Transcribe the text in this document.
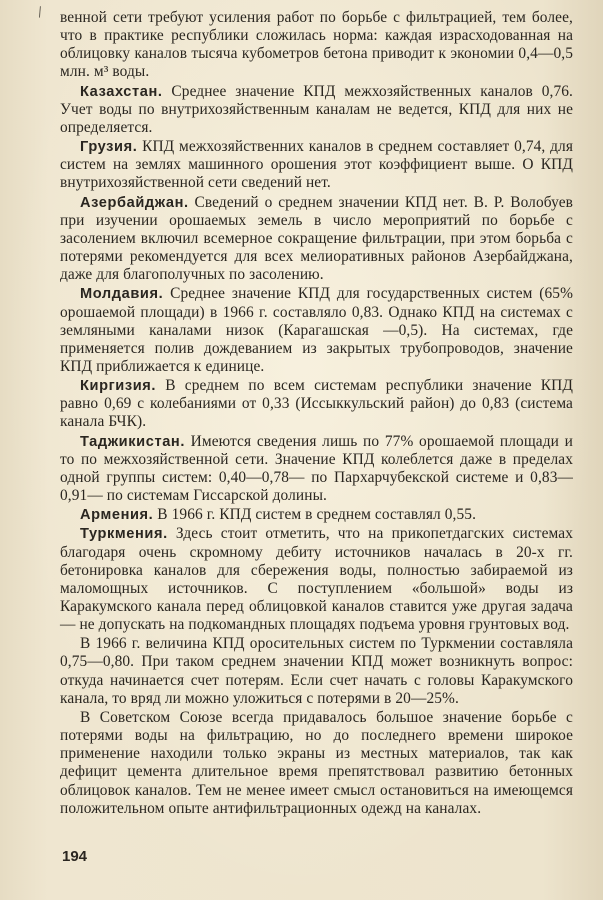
/ венной сети требуют усиления работ по борьбе с фильтрацией, тем более, что в практике республики сложилась норма: каждая израсходованная на облицовку каналов тысяча кубометров бетона приводит к экономии 0,4—0,5 млн. м³ воды.

Казахстан. Среднее значение КПД межхозяйственных каналов 0,76. Учет воды по внутрихозяйственным каналам не ведется, КПД для них не определяется.

Грузия. КПД межхозяйственних каналов в среднем составляет 0,74, для систем на землях машинного орошения этот коэффициент выше. О КПД внутрихозяйственной сети сведений нет.

Азербайджан. Сведений о среднем значении КПД нет. В. Р. Волобуев при изучении орошаемых земель в число мероприятий по борьбе с засолением включил всемерное сокращение фильтрации, при этом борьба с потерями рекомендуется для всех мелиоративных районов Азербайджана, даже для благополучных по засолению.

Молдавия. Среднее значение КПД для государственных систем (65% орошаемой площади) в 1966 г. составляло 0,83. Однако КПД на системах с земляными каналами низок (Карагашская —0,5). На системах, где применяется полив дождеванием из закрытых трубопроводов, значение КПД приближается к единице.

Киргизия. В среднем по всем системам республики значение КПД равно 0,69 с колебаниями от 0,33 (Иссыккульский район) до 0,83 (система канала БЧК).

Таджикистан. Имеются сведения лишь по 77% орошаемой площади и то по межхозяйственной сети. Значение КПД колеблется даже в пределах одной группы систем: 0,40—0,78— по Пархарчубекской системе и 0,83—0,91— по системам Гиссарской долины.

Армения. В 1966 г. КПД систем в среднем составлял 0,55.

Туркмения. Здесь стоит отметить, что на прикопетдагских системах благодаря очень скромному дебиту источников началась в 20-х гг. бетонировка каналов для сбережения воды, полностью забираемой из маломощных источников. С поступлением «большой» воды из Каракумского канала перед облицовкой каналов ставится уже другая задача — не допускать на подкомандных площадях подъема уровня грунтовых вод.

В 1966 г. величина КПД оросительных систем по Туркмении составляла 0,75—0,80. При таком среднем значении КПД может возникнуть вопрос: откуда начинается счет потерям. Если счет начать с головы Каракумского канала, то вряд ли можно уложиться с потерями в 20—25%.

В Советском Союзе всегда придавалось большое значение борьбе с потерями воды на фильтрацию, но до последнего времени широкое применение находили только экраны из местных материалов, так как дефицит цемента длительное время препятствовал развитию бетонных облицовок каналов. Тем не менее имеет смысл остановиться на имеющемся положительном опыте антифильтрационных одежд на каналах.

194
